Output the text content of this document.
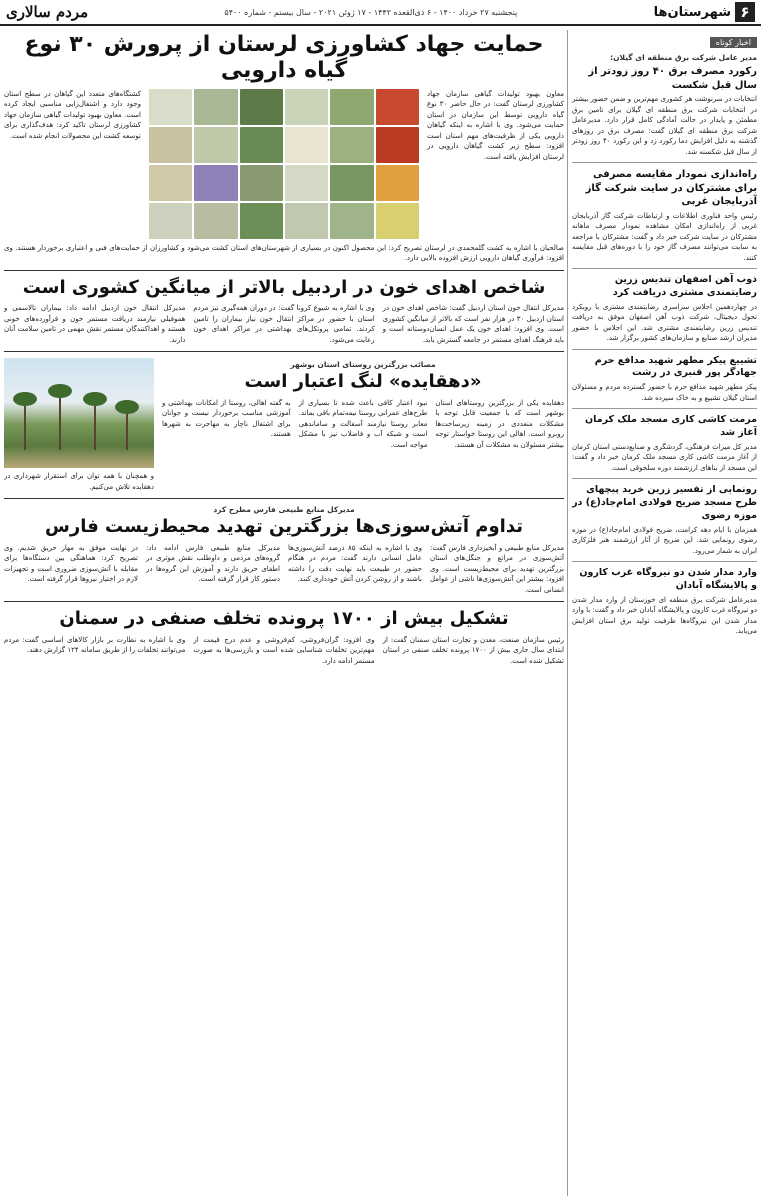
۶
شهرستان‌ها
پنجشنبه ۲۷ خرداد ۱۴۰۰ - ۶ ذی‌القعده ۱۴۴۲ - ۱۷ ژوئن ۲۰۲۱ - سال بیستم - شماره ۵۴۰۰
مردم سالاری
اخبار کوتاه
مدیر عامل شرکت برق منطقه ای گیلان:
رکورد مصرف برق ۴۰ روز زودتر از سال قبل شکست

انتخابات در سرنوشت هر کشوری مهم‌ترین و ضمن حضور بیشتر در انتخابات شرکت برق منطقه ای گیلان برای تامین برق مطمئن و پایدار در حالت آمادگی کامل قرار دارد. مدیرعامل شرکت برق منطقه ای گیلان گفت: مصرف برق در روزهای گذشته به دلیل افزایش دما رکورد زد و این رکورد ۴۰ روز زودتر از سال قبل شکسته شد.

راه‌اندازی نمودار مقایسه مصرفی برای مشترکان در سایت شرکت گاز آذربایجان غربی

رئیس واحد فناوری اطلاعات و ارتباطات شرکت گاز آذربایجان غربی از راه‌اندازی امکان مشاهده نمودار مصرف ماهانه مشترکان در سایت شرکت خبر داد و گفت: مشترکان با مراجعه به سایت می‌توانند مصرف گاز خود را با دوره‌های قبل مقایسه کنند.

ذوب آهن اصفهان تندیس زرین رضایتمندی مشتری دریافت کرد

در چهاردهمین اجلاس سراسری رضایتمندی مشتری با رویکرد تحول دیجیتال، شرکت ذوب آهن اصفهان موفق به دریافت تندیس زرین رضایتمندی مشتری شد. این اجلاس با حضور مدیران ارشد صنایع و سازمان‌های کشور برگزار شد.

تشییع پیکر مطهر شهید مدافع حرم جهادگر پور قنبری در رشت

پیکر مطهر شهید مدافع حرم با حضور گسترده مردم و مسئولان استان گیلان تشییع و به خاک سپرده شد.

مرمت کاشی کاری مسجد ملک کرمان آغاز شد

مدیر کل میراث فرهنگی، گردشگری و صنایع‌دستی استان کرمان از آغاز مرمت کاشی کاری مسجد ملک کرمان خبر داد و گفت: این مسجد از بناهای ارزشمند دوره سلجوقی است.

رونمایی از تفسیر زرین خرید پیچهای طرح مسجد ضریح فولادی امام‌جاد(ع) در موزه رضوی

همزمان با ایام دهه کرامت، ضریح فولادی امام‌جاد(ع) در موزه رضوی رونمایی شد. این ضریح از آثار ارزشمند هنر فلزکاری ایران به شمار می‌رود.

وارد مدار شدن دو نیروگاه غرب کارون و پالایشگاه آبادان

مدیرعامل شرکت برق منطقه ای خوزستان از وارد مدار شدن دو نیروگاه غرب کارون و پالایشگاه آبادان خبر داد و گفت: با وارد مدار شدن این نیروگاه‌ها ظرفیت تولید برق استان افزایش می‌یابد.

حمایت جهاد کشاورزی لرستان از پرورش ۳۰ نوع گیاه دارویی

معاون بهبود تولیدات گیاهی سازمان جهاد کشاورزی لرستان گفت: در حال حاضر ۳۰ نوع گیاه دارویی توسط این سازمان در استان حمایت می‌شود. وی با اشاره به اینکه گیاهان دارویی یکی از ظرفیت‌های مهم استان است افزود: سطح زیر کشت گیاهان دارویی در لرستان افزایش یافته است.

کشتگاه‌های متعدد این گیاهان در سطح استان وجود دارد و اشتغال‌زایی مناسبی ایجاد کرده است. معاون بهبود تولیدات گیاهی سازمان جهاد کشاورزی لرستان تاکید کرد: هدف‌گذاری برای توسعه کشت این محصولات انجام شده است.

صالحیان با اشاره به کشت گلمحمدی در لرستان تصریح کرد: این محصول اکنون در بسیاری از شهرستان‌های استان کشت می‌شود و کشاورزان از حمایت‌های فنی و اعتباری برخوردار هستند. وی افزود: فرآوری گیاهان دارویی ارزش افزوده بالایی دارد.

شاخص اهدای خون در اردبیل بالاتر از میانگین کشوری است

مدیرکل انتقال خون استان اردبیل گفت: شاخص اهدای خون در استان اردبیل ۳۰ در هزار نفر است که بالاتر از میانگین کشوری است. وی افزود: اهدای خون یک عمل انسان‌دوستانه است و باید فرهنگ اهدای مستمر در جامعه گسترش یابد.

وی با اشاره به شیوع کرونا گفت: در دوران همه‌گیری نیز مردم استان با حضور در مراکز انتقال خون نیاز بیماران را تامین کردند. تمامی پروتکل‌های بهداشتی در مراکز اهدای خون رعایت می‌شود.

مدیرکل انتقال خون اردبیل ادامه داد: بیماران تالاسمی و هموفیلی نیازمند دریافت مستمر خون و فرآورده‌های خونی هستند و اهداکنندگان مستمر نقش مهمی در تامین سلامت آنان دارند.

مصائب بزرگترین روستای استان بوشهر
«دهقایده» لنگ اعتبار است

دهقایده یکی از بزرگترین روستاهای استان بوشهر است که با جمعیت قابل توجه با مشکلات متعددی در زمینه زیرساخت‌ها روبرو است. اهالی این روستا خواستار توجه بیشتر مسئولان به مشکلات آن هستند.

نبود اعتبار کافی باعث شده تا بسیاری از طرح‌های عمرانی روستا نیمه‌تمام باقی بماند. معابر روستا نیازمند آسفالت و ساماندهی است و شبکه آب و فاضلاب نیز با مشکل مواجه است.

به گفته اهالی، روستا از امکانات بهداشتی و آموزشی مناسب برخوردار نیست و جوانان برای اشتغال ناچار به مهاجرت به شهرها هستند.

و همچنان با همه توان برای استقرار شهرداری در دهقایده تلاش می‌کنیم.

مدیرکل منابع طبیعی فارس مطرح کرد
تداوم آتش‌سوزی‌ها بزرگترین تهدید محیط‌زیست فارس

مدیرکل منابع طبیعی و آبخیزداری فارس گفت: آتش‌سوزی در مراتع و جنگل‌های استان بزرگترین تهدید برای محیط‌زیست است. وی افزود: بیشتر این آتش‌سوزی‌ها ناشی از عوامل انسانی است.

وی با اشاره به اینکه ۸۵ درصد آتش‌سوزی‌ها عامل انسانی دارند گفت: مردم در هنگام حضور در طبیعت باید نهایت دقت را داشته باشند و از روشن کردن آتش خودداری کنند.

مدیرکل منابع طبیعی فارس ادامه داد: گروه‌های مردمی و داوطلب نقش موثری در اطفای حریق دارند و آموزش این گروه‌ها در دستور کار قرار گرفته است.

در نهایت موفق به مهار حریق شدیم. وی تصریح کرد: هماهنگی بین دستگاه‌ها برای مقابله با آتش‌سوزی ضروری است و تجهیزات لازم در اختیار نیروها قرار گرفته است.

تشکیل بیش از ۱۷۰۰ پرونده تخلف صنفی در سمنان

رئیس سازمان صنعت، معدن و تجارت استان سمنان گفت: از ابتدای سال جاری بیش از ۱۷۰۰ پرونده تخلف صنفی در استان تشکیل شده است.

وی افزود: گران‌فروشی، کم‌فروشی و عدم درج قیمت از مهم‌ترین تخلفات شناسایی شده است و بازرسی‌ها به صورت مستمر ادامه دارد.

وی با اشاره به نظارت بر بازار کالاهای اساسی گفت: مردم می‌توانند تخلفات را از طریق سامانه ۱۲۴ گزارش دهند.
